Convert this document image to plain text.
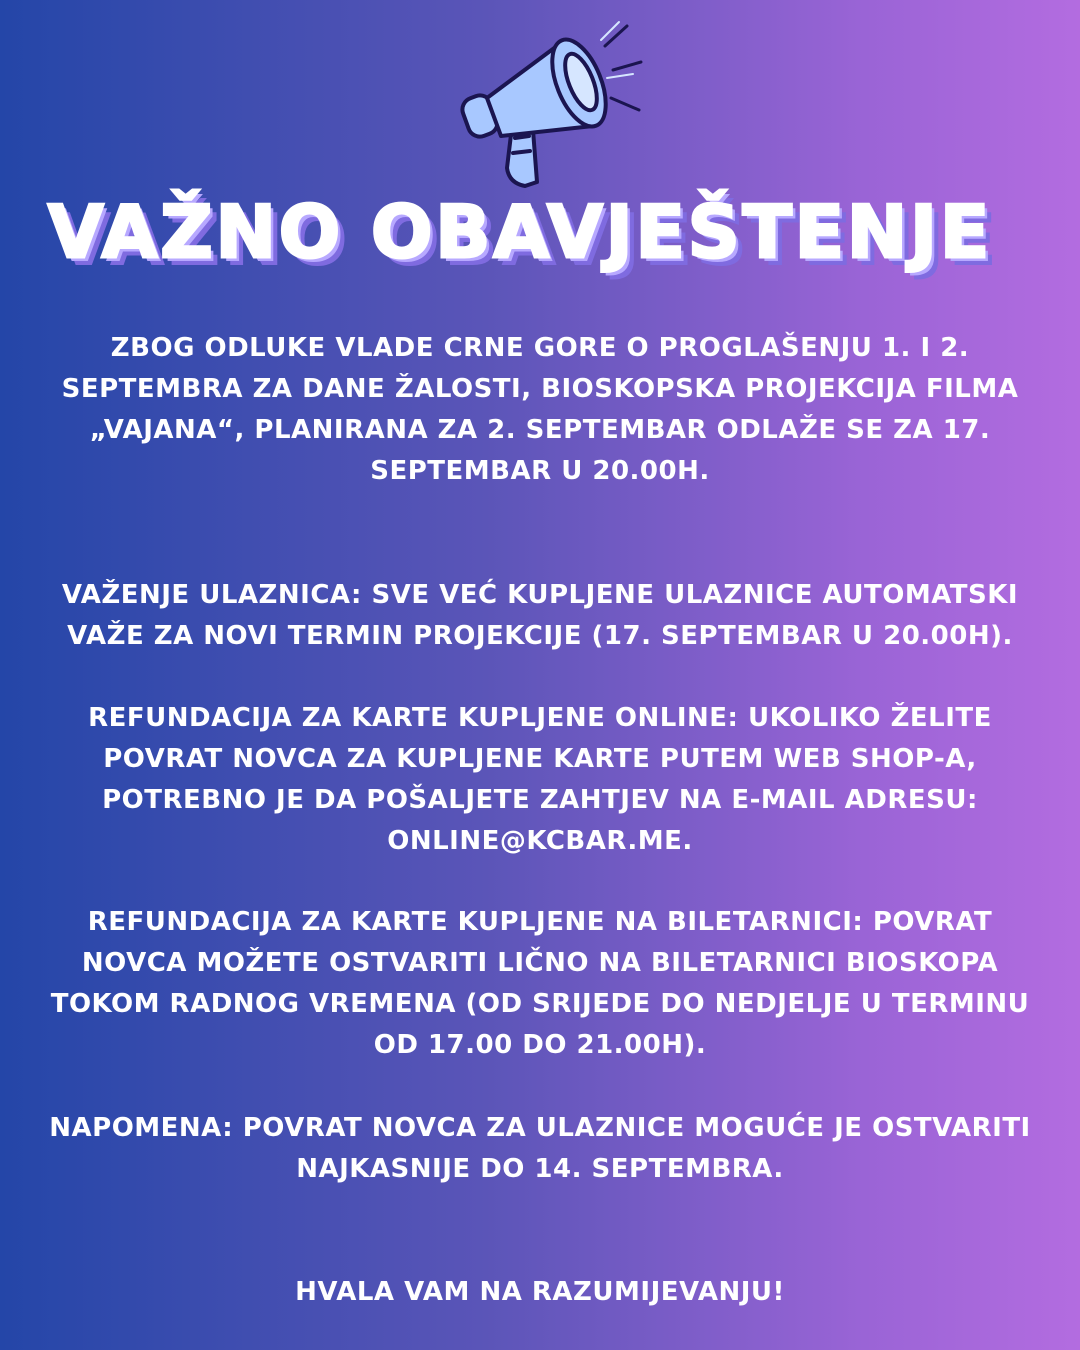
VAŽNO OBAVJEŠTENJE

ZBOG ODLUKE VLADE CRNE GORE O PROGLAŠENJU 1. I 2.
SEPTEMBRA ZA DANE ŽALOSTI, BIOSKOPSKA PROJEKCIJA FILMA
„VAJANA“, PLANIRANA ZA 2. SEPTEMBAR ODLAŽE SE ZA 17.
SEPTEMBAR U 20.00H.

VAŽENJE ULAZNICA: SVE VEĆ KUPLJENE ULAZNICE AUTOMATSKI
VAŽE ZA NOVI TERMIN PROJEKCIJE (17. SEPTEMBAR U 20.00H).

REFUNDACIJA ZA KARTE KUPLJENE ONLINE: UKOLIKO ŽELITE
POVRAT NOVCA ZA KUPLJENE KARTE PUTEM WEB SHOP-A,
POTREBNO JE DA POŠALJETE ZAHTJEV NA E-MAIL ADRESU:
ONLINE@KCBAR.ME.

REFUNDACIJA ZA KARTE KUPLJENE NA BILETARNICI: POVRAT
NOVCA MOŽETE OSTVARITI LIČNO NA BILETARNICI BIOSKOPA
TOKOM RADNOG VREMENA (OD SRIJEDE DO NEDJELJE U TERMINU
OD 17.00 DO 21.00H).

NAPOMENA: POVRAT NOVCA ZA ULAZNICE MOGUĆE JE OSTVARITI
NAJKASNIJE DO 14. SEPTEMBRA.

HVALA VAM NA RAZUMIJEVANJU!
